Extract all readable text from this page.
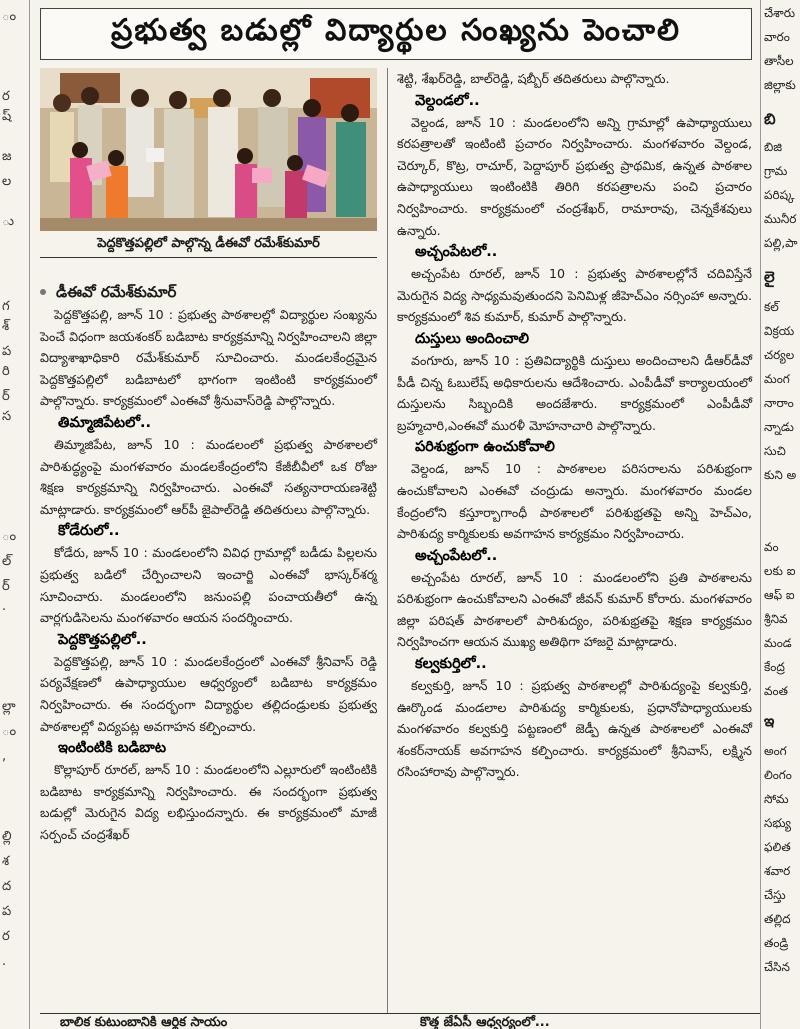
ం
ర
ష్
జ
ల
ు
గ
శ్
ప
రి
ర్
స
ం
ల్
ర్
.
ల్లా
ం
,
ల్లి
శ
ద
ప
ర
.
ప్రభుత్వ బడుల్లో విద్యార్థుల సంఖ్యను పెంచాలి
పెద్దకొత్తపల్లిలో పాల్గొన్న డీఈవో రమేశ్‌కుమార్
డీఈవో రమేశ్‌కుమార్

పెద్దకొత్తపల్లి, జూన్ 10 : ప్రభుత్వ పాఠశాలల్లో విద్యార్థుల సంఖ్యను పెంచే విధంగా జయశంకర్ బడిబాట కార్యక్రమాన్ని నిర్వహించాలని జిల్లా విద్యాశాఖాధికారి రమేశ్‌కుమార్ సూచించారు. మండలకేంద్రమైన పెద్దకొత్తపల్లిలో బడిబాటలో భాగంగా ఇంటింటి కార్యక్రమంలో పాల్గొన్నారు. కార్యక్రమంలో ఎంఈవో శ్రీనువాస్‌రెడ్డి పాల్గొన్నారు.

తిమ్మాజిపేటలో..

తిమ్మాజిపేట, జూన్ 10 : మండలంలో ప్రభుత్వ పాఠశాలలో పారిశుద్ధ్యంపై మంగళవారం మండలకేంద్రంలోని కేజీబీవీలో ఒక రోజు శిక్షణ కార్యక్రమాన్ని నిర్వహించారు. ఎంఈవో సత్యనారాయణశెట్టి మాట్లాడారు. కార్యక్రమంలో ఆర్‌పీ జైపాల్‌రెడ్డి తదితరులు పాల్గొన్నారు.

కోడేరులో..

కోడేరు, జూన్ 10 : మండలంలోని వివిధ గ్రామాల్లో బడీడు పిల్లలను ప్రభుత్వ బడిలో చేర్పించాలని ఇంచార్జి ఎంఈవో భాస్కర్‌శర్మ సూచించారు. మండలంలోని జనుంపల్లి పంచాయతీలో ఉన్న వార్లగుడిసెలను మంగళవారం ఆయన సందర్శించారు.

పెద్దకొత్తపల్లిలో..

పెద్దకొత్తపల్లి, జూన్ 10 : మండలకేంద్రంలో ఎంఈవో శ్రీనివాస్ రెడ్డి పర్యవేక్షణలో ఉపాధ్యాయుల ఆధ్వర్యంలో బడిబాట కార్యక్రమం నిర్వహించారు. ఈ సందర్భంగా విద్యార్థుల తల్లిదండ్రులకు ప్రభుత్వ పాఠశాలల్లో విద్యపట్ల అవగాహన కల్పించారు.

ఇంటింటికి బడిబాట

కొల్లాపూర్ రూరల్, జూన్ 10 : మండలంలోని ఎల్లూరులో ఇంటింటికి బడిబాట కార్యక్రమాన్ని నిర్వహించారు. ఈ సందర్భంగా ప్రభుత్వ బడుల్లో మెరుగైన విద్య లభిస్తుందన్నారు. ఈ కార్యక్రమంలో మాజీ సర్పంచ్ చంద్రశేఖర్

శెట్టి, శేఖర్‌రెడ్డి, బాల్‌రెడ్డి, షబ్బీర్ తదితరులు పాల్గొన్నారు.

వెల్దండలో..

వెల్దండ, జూన్ 10 : మండలంలోని అన్ని గ్రామాల్లో ఉపాధ్యాయులు కరపత్రాలతో ఇంటింటి ప్రచారం నిర్వహించారు. మంగళవారం వెల్దండ, చెర్కూర్, కొట్ర, రాచూర్, పెద్దాపూర్ ప్రభుత్వ ప్రాథమిక, ఉన్నత పాఠశాల ఉపాధ్యాయులు ఇంటింటికి తిరిగి కరపత్రాలను పంచి ప్రచారం నిర్వహించారు. కార్యక్రమంలో చంద్రశేఖర్, రామారావు, చెన్నకేశవులు ఉన్నారు.

అచ్చంపేటలో..

అచ్చంపేట రూరల్, జూన్ 10 : ప్రభుత్వ పాఠశాలల్లోనే చదివిస్తేనే మెరుగైన విద్య సాధ్యమవుతుందని పెనిమిళ్ల జీహెచ్‌ఎం నర్సింహా అన్నారు. కార్యక్రమంలో శివ కుమార్, కుమార్ పాల్గొన్నారు.

దుస్తులు అందించాలి

వంగూరు, జూన్ 10 : ప్రతివిద్యార్థికి దుస్తులు అందించాలని డీఆర్‌డీవో పీడీ చిన్న ఓబులేష్ అధికారులను ఆదేశించారు. ఎంపీడీవో కార్యాలయంలో దుస్తులను సిబ్బందికి అందజేశారు. కార్యక్రమంలో ఎంపీడీవో బ్రహ్మచారి,ఎంఈవో మురళీ మోహనాచారి పాల్గొన్నారు.

పరిశుభ్రంగా ఉంచుకోవాలి

వెల్దండ, జూన్ 10 : పాఠశాలల పరిసరాలను పరిశుభ్రంగా ఉంచుకోవాలని ఎంఈవో చంద్రుడు అన్నారు. మంగళవారం మండల కేంద్రంలోని కస్తూర్బాగాంధీ పాఠశాలలో పరిశుభ్రతపై అన్ని హెచ్‌ఎం, పారిశుద్య కార్మికులకు అవగాహన కార్యక్రమం నిర్వహించారు.

అచ్చంపేటలో..

అచ్చంపేట రూరల్, జూన్ 10 : మండలంలోని ప్రతి పాఠశాలను పరిశుభ్రంగా ఉంచుకోవాలని ఎంఈవో జీవన్ కుమార్ కోరారు. మంగళవారం జిల్లా పరిషత్ పాఠశాలలో పారిశుద్యం, పరిశుభ్రతపై శిక్షణ కార్యక్రమం నిర్వహించగా ఆయన ముఖ్య అతిథిగా హాజరై మాట్లాడారు.

కల్వకుర్తిలో..

కల్వకుర్తి, జూన్ 10 : ప్రభుత్వ పాఠశాలల్లో పారిశుద్యంపై కల్వకుర్తి, ఊర్కొండ మండలాల పారిశుద్య కార్మికులకు, ప్రధానోపాధ్యాయులకు మంగళవారం కల్వకుర్తి పట్టణంలో జెడ్పీ ఉన్నత పాఠశాలలో ఎంఈవో శంకర్‌నాయక్ అవగాహన కల్పించారు. కార్యక్రమంలో శ్రీనివాస్, లక్ష్మిన రసింహారావు పాల్గొన్నారు.

చేశారు
వారం
తాసీల
జిల్లాకు
బి
బిజి
గ్రామ
పరిష్క
మునీర
పల్లి,పా
లై
కల్
విక్రయ
చర్యల
మంగ
నారాం
న్నాడు
సుచి
కుని అ
వం
లకు ఐ
ఆఫ్ ఐ
శ్రీనివ
మండ
కేంద్ర
వంత
ఇ
అంగ
లింగం
సోమ
సభ్యు
ఫలిత
శవార
చేస్తు
తల్లిద
తండ్రి
చేసిన
బాలిక కుటుంబానికి ఆర్థిక సాయం	కొత్త జేఏసీ ఆధ్వర్యంలో...
